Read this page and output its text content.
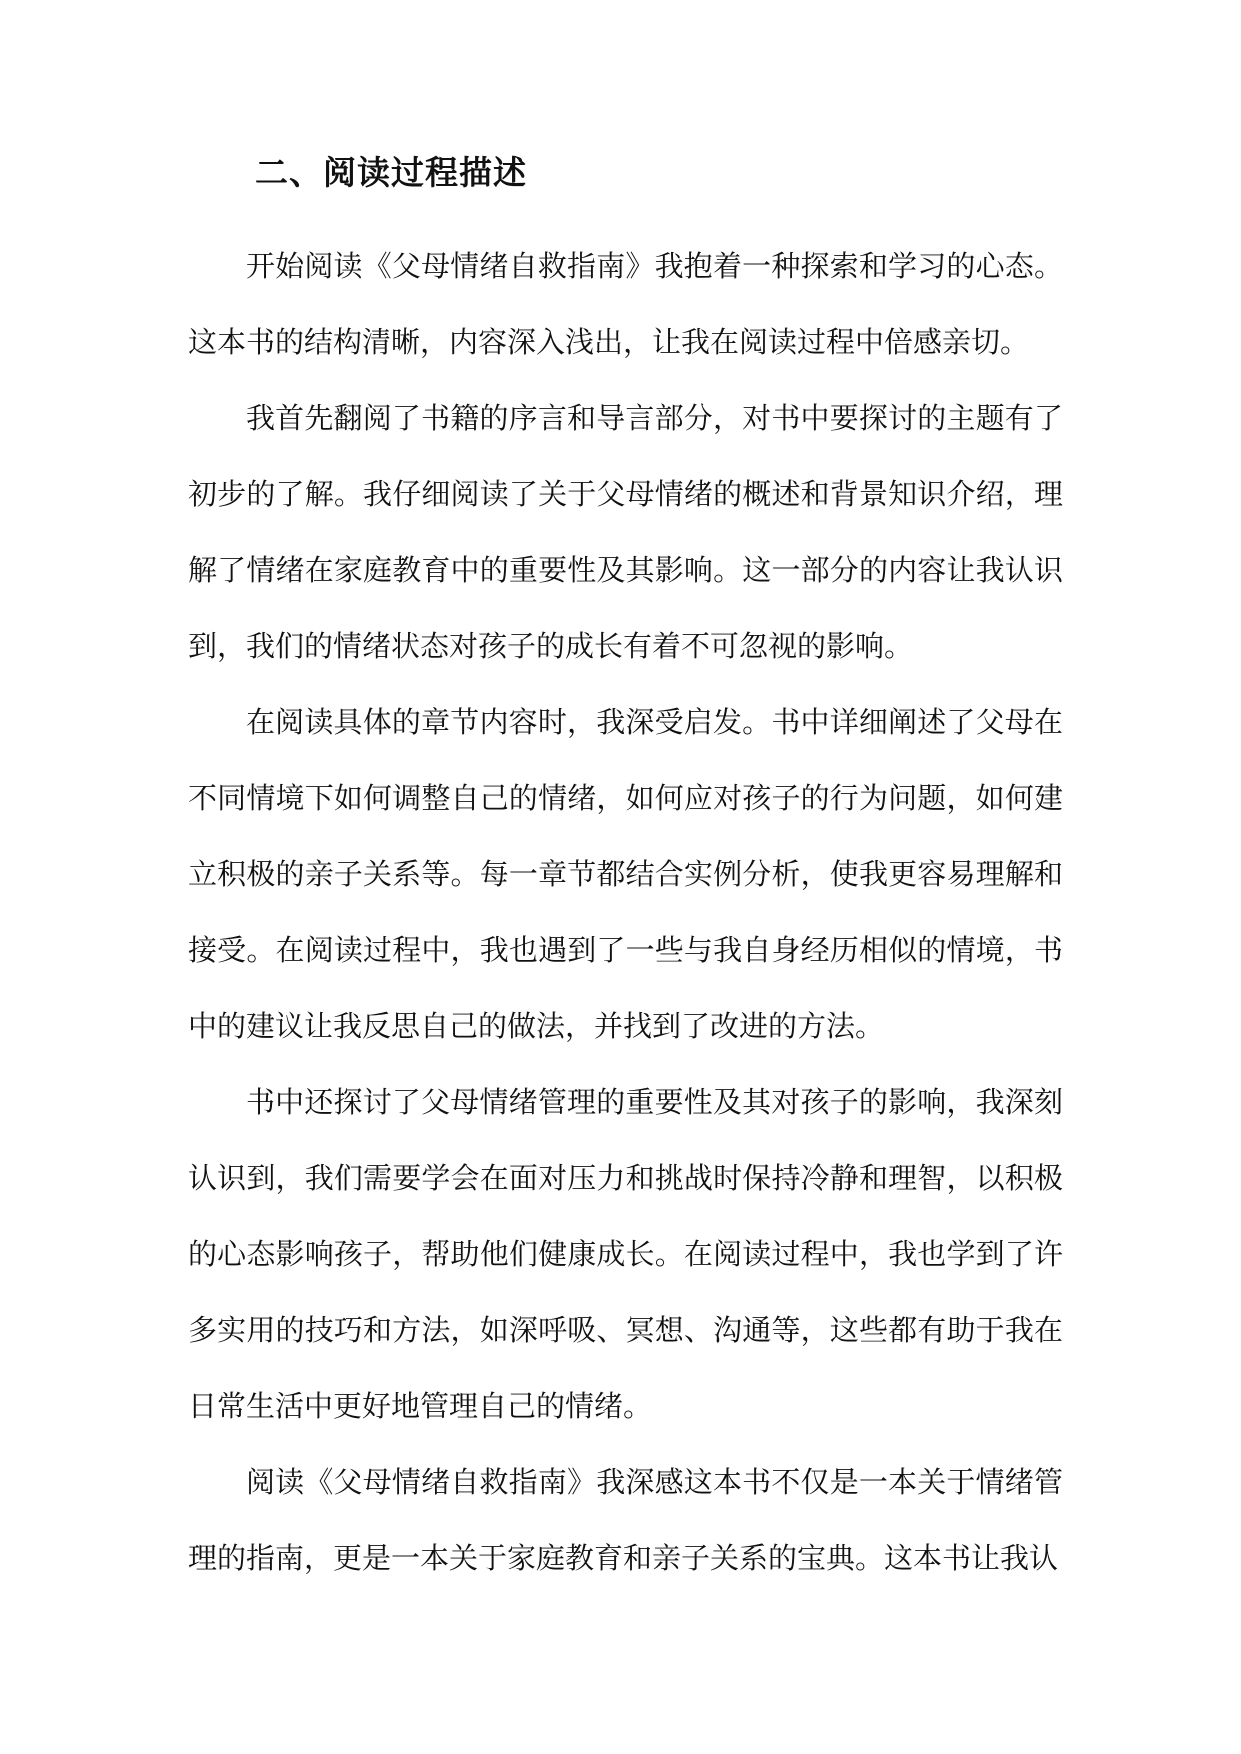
二、阅读过程描述

开始阅读《父母情绪自救指南》我抱着一种探索和学习的心态。这本书的结构清晰，内容深入浅出，让我在阅读过程中倍感亲切。

我首先翻阅了书籍的序言和导言部分，对书中要探讨的主题有了初步的了解。我仔细阅读了关于父母情绪的概述和背景知识介绍，理解了情绪在家庭教育中的重要性及其影响。这一部分的内容让我认识到，我们的情绪状态对孩子的成长有着不可忽视的影响。

在阅读具体的章节内容时，我深受启发。书中详细阐述了父母在不同情境下如何调整自己的情绪，如何应对孩子的行为问题，如何建立积极的亲子关系等。每一章节都结合实例分析，使我更容易理解和接受。在阅读过程中，我也遇到了一些与我自身经历相似的情境，书中的建议让我反思自己的做法，并找到了改进的方法。

书中还探讨了父母情绪管理的重要性及其对孩子的影响，我深刻认识到，我们需要学会在面对压力和挑战时保持冷静和理智，以积极的心态影响孩子，帮助他们健康成长。在阅读过程中，我也学到了许多实用的技巧和方法，如深呼吸、冥想、沟通等，这些都有助于我在日常生活中更好地管理自己的情绪。

阅读《父母情绪自救指南》我深感这本书不仅是一本关于情绪管理的指南，更是一本关于家庭教育和亲子关系的宝典。这本书让我认
